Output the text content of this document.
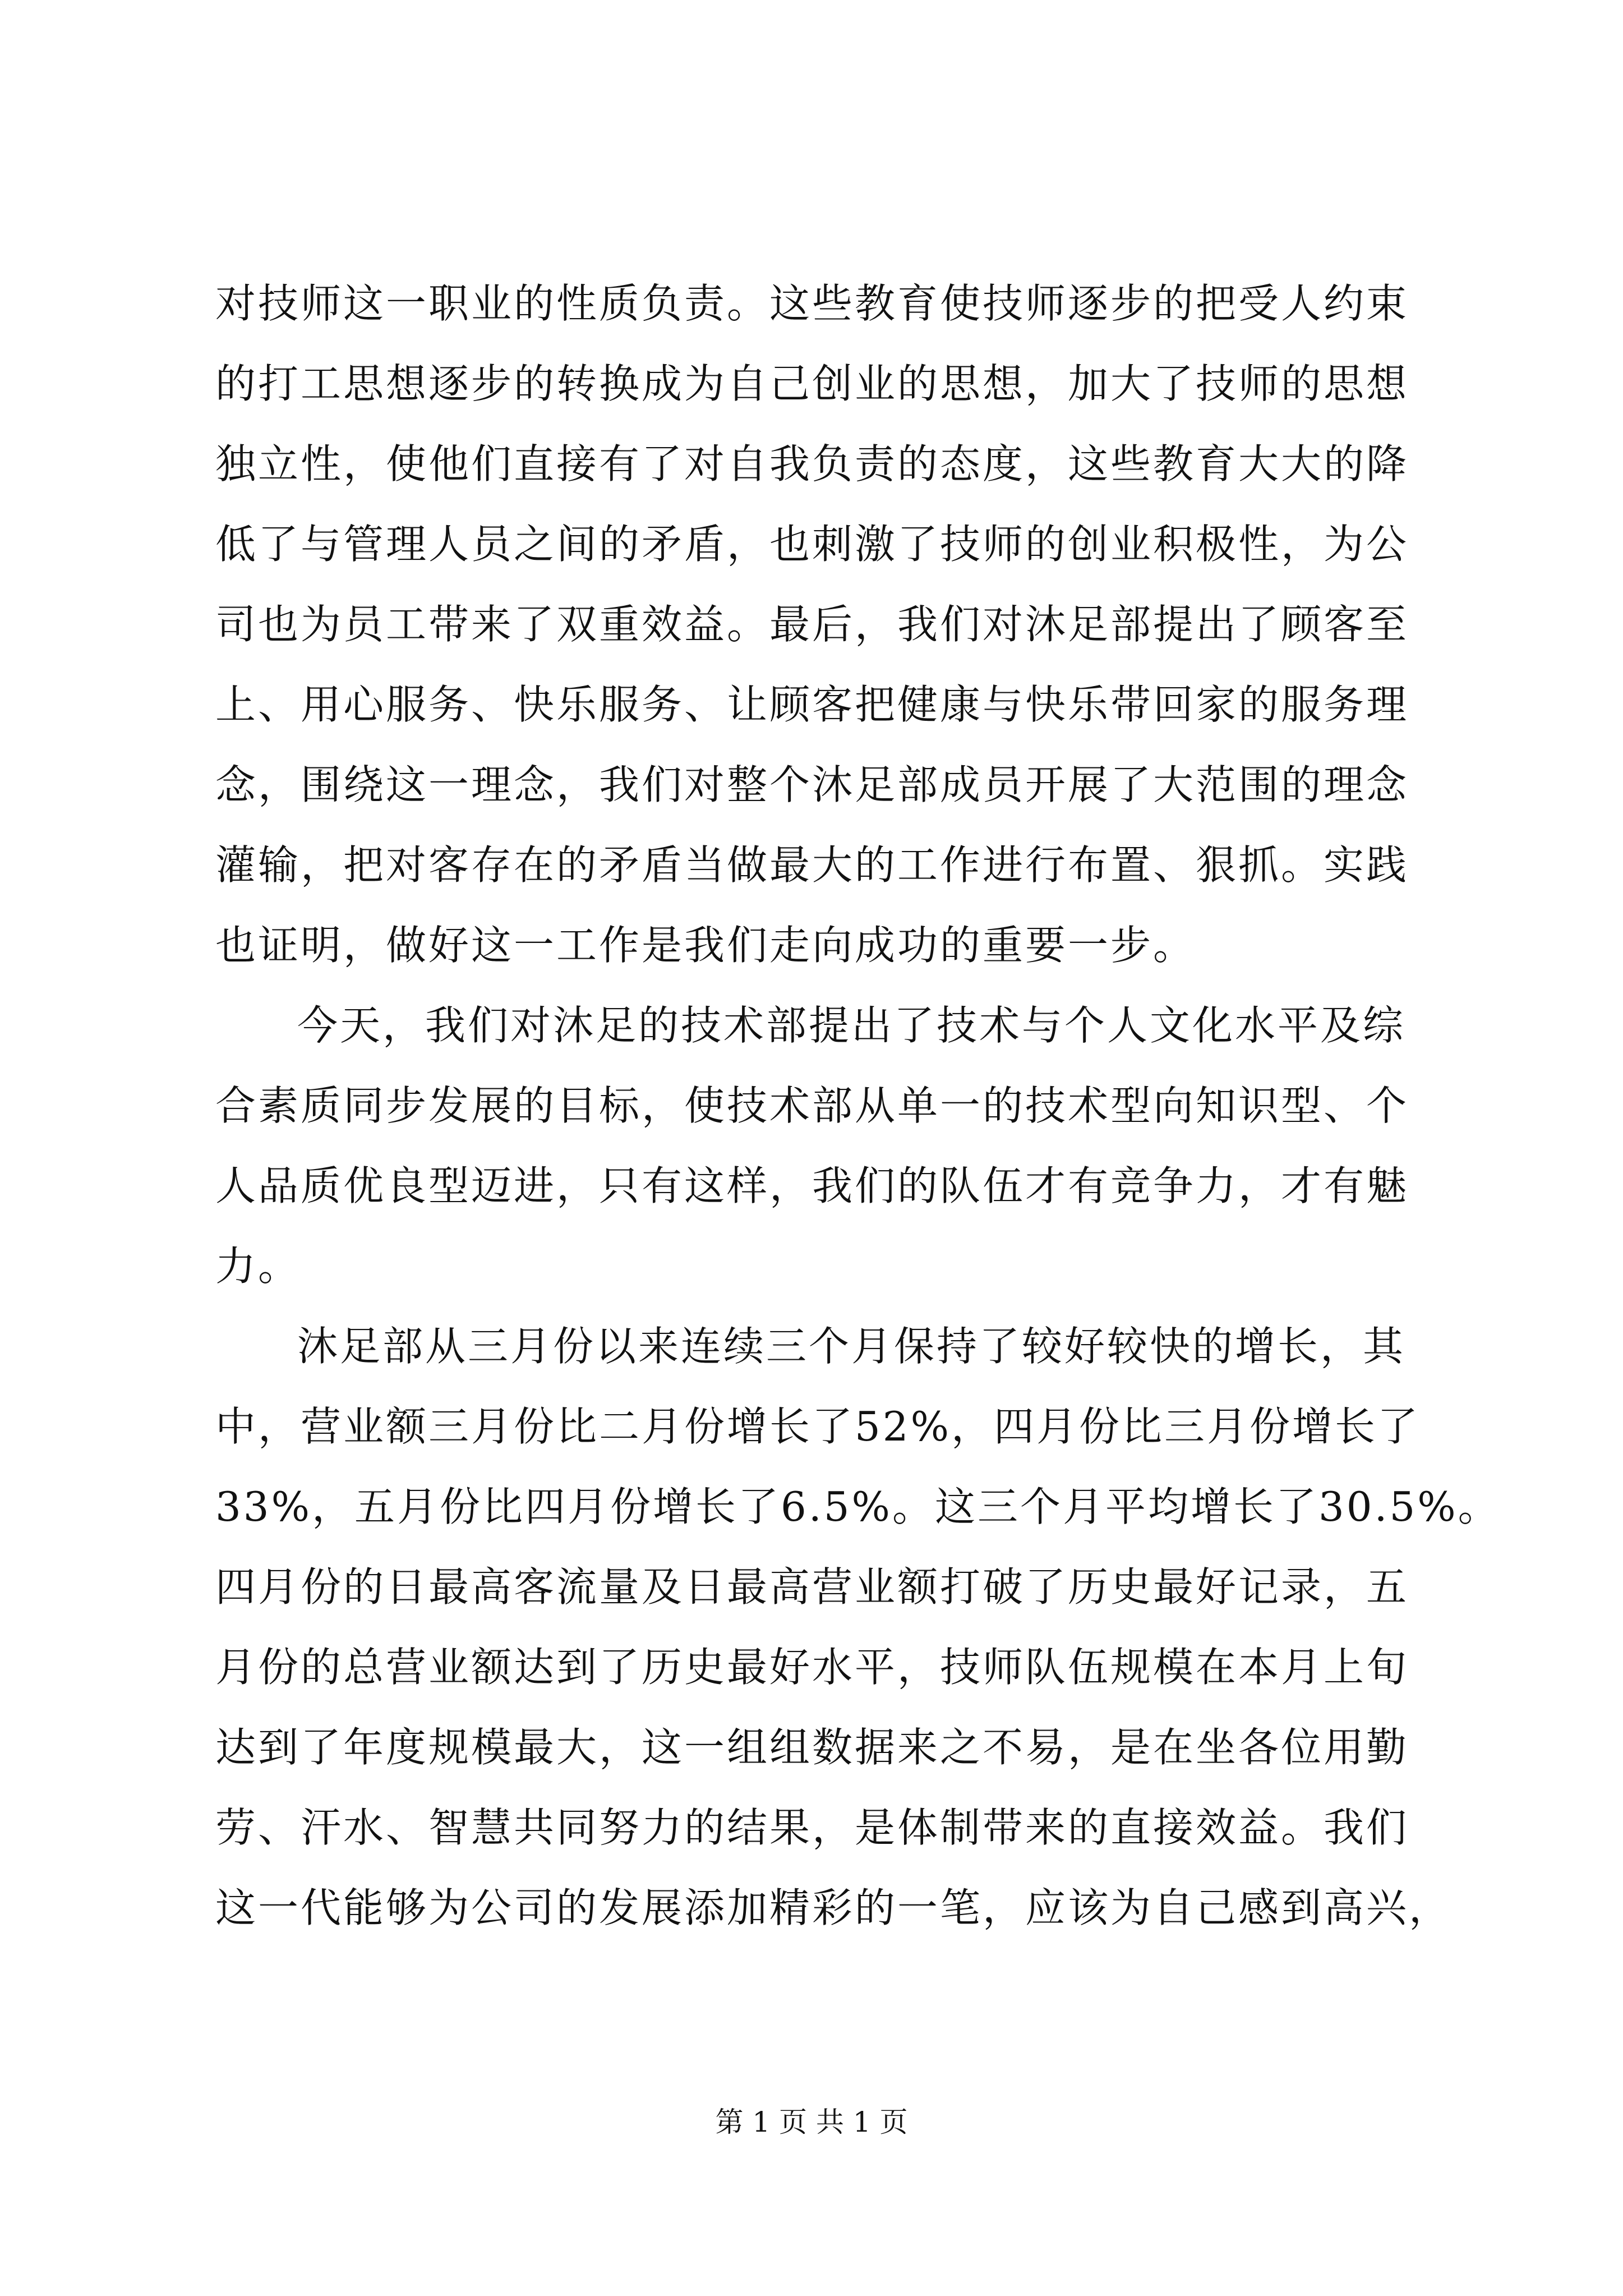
对技师这一职业的性质负责。这些教育使技师逐步的把受人约束
的打工思想逐步的转换成为自己创业的思想，加大了技师的思想
独立性，使他们直接有了对自我负责的态度，这些教育大大的降
低了与管理人员之间的矛盾，也刺激了技师的创业积极性，为公
司也为员工带来了双重效益。最后，我们对沐足部提出了顾客至
上、用心服务、快乐服务、让顾客把健康与快乐带回家的服务理
念，围绕这一理念，我们对整个沐足部成员开展了大范围的理念
灌输，把对客存在的矛盾当做最大的工作进行布置、狠抓。实践
也证明，做好这一工作是我们走向成功的重要一步。
今天，我们对沐足的技术部提出了技术与个人文化水平及综
合素质同步发展的目标，使技术部从单一的技术型向知识型、个
人品质优良型迈进，只有这样，我们的队伍才有竞争力，才有魅
力。
沐足部从三月份以来连续三个月保持了较好较快的增长，其
中，营业额三月份比二月份增长了52%，四月份比三月份增长了
33%，五月份比四月份增长了6.5%。这三个月平均增长了30.5%。
四月份的日最高客流量及日最高营业额打破了历史最好记录，五
月份的总营业额达到了历史最好水平，技师队伍规模在本月上旬
达到了年度规模最大，这一组组数据来之不易，是在坐各位用勤
劳、汗水、智慧共同努力的结果，是体制带来的直接效益。我们
这一代能够为公司的发展添加精彩的一笔，应该为自己感到高兴，
第 1 页 共 1 页
